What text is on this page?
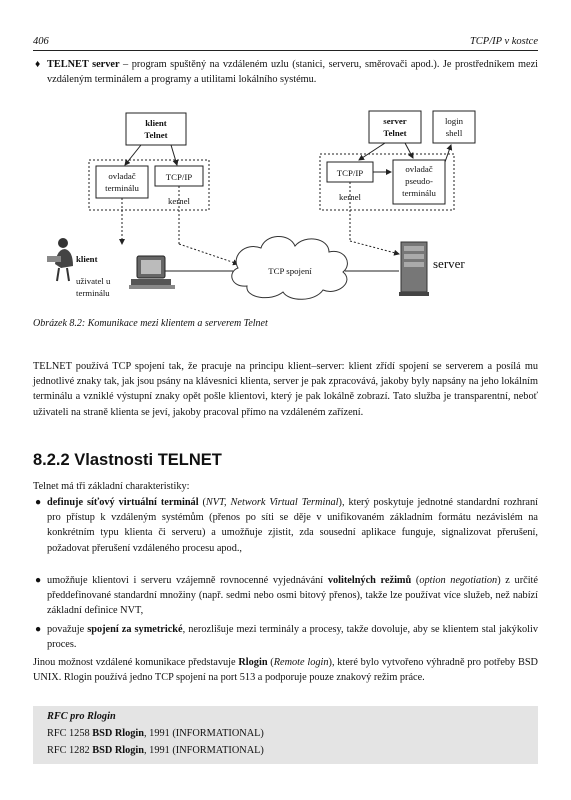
406	TCP/IP v kostce
♦ TELNET server – program spuštěný na vzdáleném uzlu (stanici, serveru, směrovači apod.). Je prostředníkem mezi vzdáleným terminálem a programy a utilitami lokálního systému.
klient
Telnet
ovladač
terminálu
TCP/IP
kernel
klient
uživatel u
terminálu
TCP spojení
server
Telnet
login
shell
TCP/IP	ovladač
pseudo-
terminálu
kernel
server
Obrázek 8.2: Komunikace mezi klientem a serverem Telnet

TELNET používá TCP spojení tak, že pracuje na principu klient–server: klient zřídí spojení se serverem a posílá mu jednotlivé znaky tak, jak jsou psány na klávesnici klienta, server je pak zpracovává, jakoby byly napsány na jeho lokálním terminálu a vzniklé výstupní znaky opět pošle klientovi, který je pak lokálně zobrazí. Tato služba je transparentní, neboť uživateli na straně klienta se jeví, jakoby pracoval přímo na vzdáleném zařízení.

8.2.2 Vlastnosti TELNET

Telnet má tři základní charakteristiky:

● definuje síťový virtuální terminál (NVT, Network Virtual Terminal), který poskytuje jednotné standardní rozhraní pro přístup k vzdáleným systémům (přenos po síti se děje v unifikovaném základním formátu nezávislém na konkrétním typu klienta či serveru) a umožňuje zjistit, zda sousední aplikace funguje, signalizovat přerušení, požadovat přerušení vzdáleného procesu apod.,
● umožňuje klientovi i serveru vzájemně rovnocenné vyjednávání volitelných režimů (option negotiation) z určité předdefinované standardní množiny (např. sedmi nebo osmi bitový přenos), takže lze používat více služeb, než nabízí základní definice NVT,
● považuje spojení za symetrické, nerozlišuje mezi terminály a procesy, takže dovoluje, aby se klientem stal jakýkoliv proces.

Jinou možnost vzdálené komunikace představuje Rlogin (Remote login), které bylo vytvořeno výhradně pro potřeby BSD UNIX. Rlogin používá jedno TCP spojení na port 513 a podporuje pouze znakový režim práce.

RFC pro Rlogin
RFC 1258 BSD Rlogin, 1991 (INFORMATIONAL)
RFC 1282 BSD Rlogin, 1991 (INFORMATIONAL)
